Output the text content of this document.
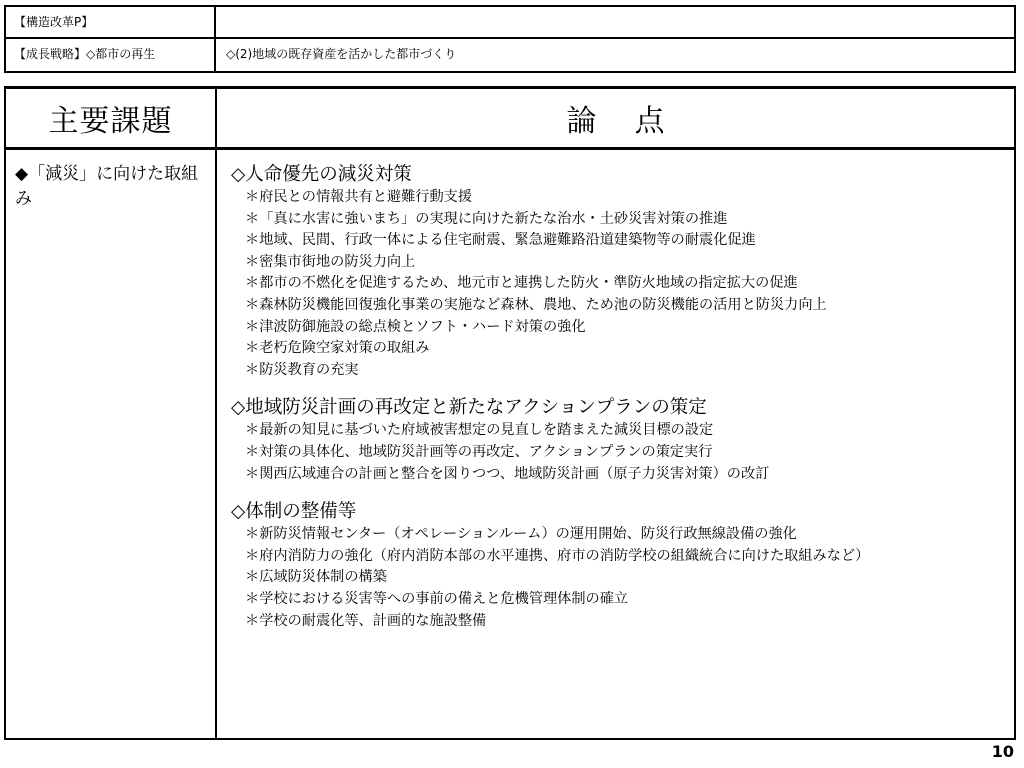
【構造改革P】
【成長戦略】◇都市の再生	◇(2)地域の既存資産を活かした都市づくり
主要課題	論点
◆「減災」に向けた取組み
◇人命優先の減災対策
＊府民との情報共有と避難行動支援
＊「真に水害に強いまち」の実現に向けた新たな治水・土砂災害対策の推進
＊地域、民間、行政一体による住宅耐震、緊急避難路沿道建築物等の耐震化促進
＊密集市街地の防災力向上
＊都市の不燃化を促進するため、地元市と連携した防火・準防火地域の指定拡大の促進
＊森林防災機能回復強化事業の実施など森林、農地、ため池の防災機能の活用と防災力向上
＊津波防御施設の総点検とソフト・ハード対策の強化
＊老朽危険空家対策の取組み
＊防災教育の充実
◇地域防災計画の再改定と新たなアクションプランの策定
＊最新の知見に基づいた府域被害想定の見直しを踏まえた減災目標の設定
＊対策の具体化、地域防災計画等の再改定、アクションプランの策定実行
＊関西広域連合の計画と整合を図りつつ、地域防災計画（原子力災害対策）の改訂
◇体制の整備等
＊新防災情報センター（オペレーションルーム）の運用開始、防災行政無線設備の強化
＊府内消防力の強化（府内消防本部の水平連携、府市の消防学校の組織統合に向けた取組みなど）
＊広域防災体制の構築
＊学校における災害等への事前の備えと危機管理体制の確立
＊学校の耐震化等、計画的な施設整備
10
